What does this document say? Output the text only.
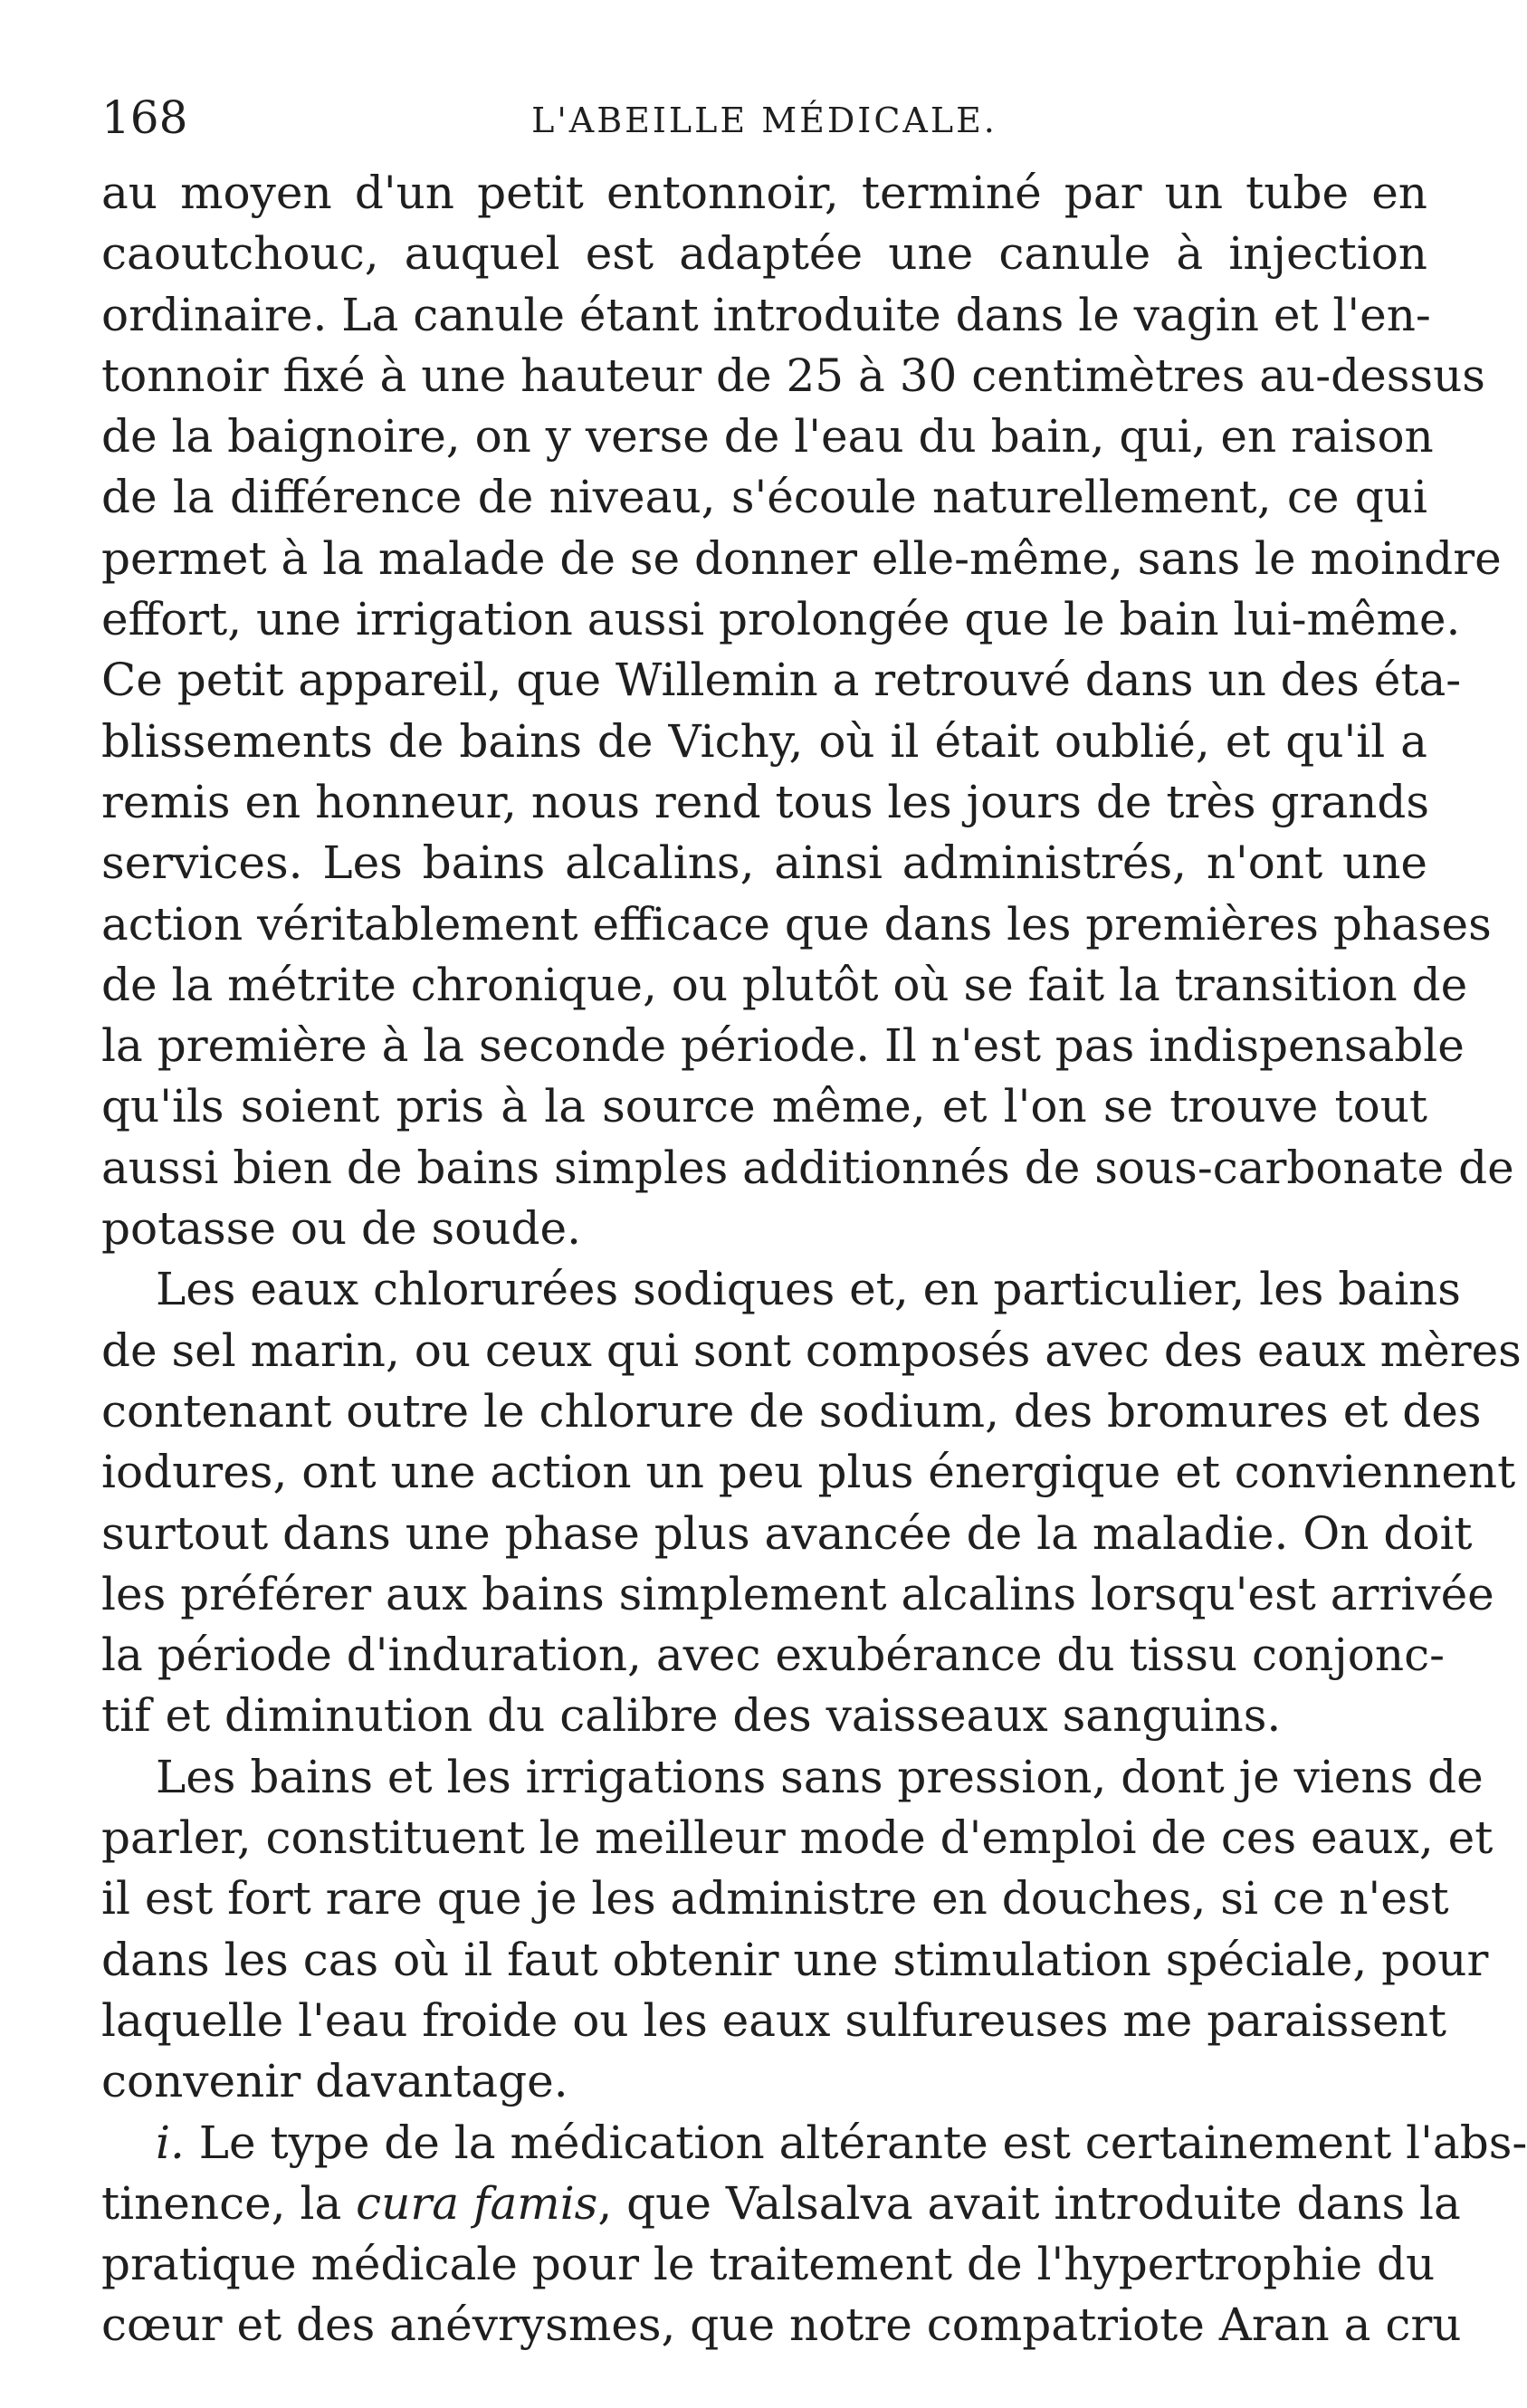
168	L'ABEILLE MÉDICALE.

au moyen d'un petit entonnoir, terminé par un tube en
caoutchouc, auquel est adaptée une canule à injection
ordinaire. La canule étant introduite dans le vagin et l'en-
tonnoir fixé à une hauteur de 25 à 30 centimètres au-dessus
de la baignoire, on y verse de l'eau du bain, qui, en raison
de la différence de niveau, s'écoule naturellement, ce qui
permet à la malade de se donner elle-même, sans le moindre
effort, une irrigation aussi prolongée que le bain lui-même.
Ce petit appareil, que Willemin a retrouvé dans un des éta-
blissements de bains de Vichy, où il était oublié, et qu'il a
remis en honneur, nous rend tous les jours de très grands
services. Les bains alcalins, ainsi administrés, n'ont une
action véritablement efficace que dans les premières phases
de la métrite chronique, ou plutôt où se fait la transition de
la première à la seconde période. Il n'est pas indispensable
qu'ils soient pris à la source même, et l'on se trouve tout
aussi bien de bains simples additionnés de sous-carbonate de
potasse ou de soude.

Les eaux chlorurées sodiques et, en particulier, les bains
de sel marin, ou ceux qui sont composés avec des eaux mères
contenant outre le chlorure de sodium, des bromures et des
iodures, ont une action un peu plus énergique et conviennent
surtout dans une phase plus avancée de la maladie. On doit
les préférer aux bains simplement alcalins lorsqu'est arrivée
la période d'induration, avec exubérance du tissu conjonc-
tif et diminution du calibre des vaisseaux sanguins.

Les bains et les irrigations sans pression, dont je viens de
parler, constituent le meilleur mode d'emploi de ces eaux, et
il est fort rare que je les administre en douches, si ce n'est
dans les cas où il faut obtenir une stimulation spéciale, pour
laquelle l'eau froide ou les eaux sulfureuses me paraissent
convenir davantage.

i. Le type de la médication altérante est certainement l'abs-
tinence, la cura famis, que Valsalva avait introduite dans la
pratique médicale pour le traitement de l'hypertrophie du
cœur et des anévrysmes, que notre compatriote Aran a cru
